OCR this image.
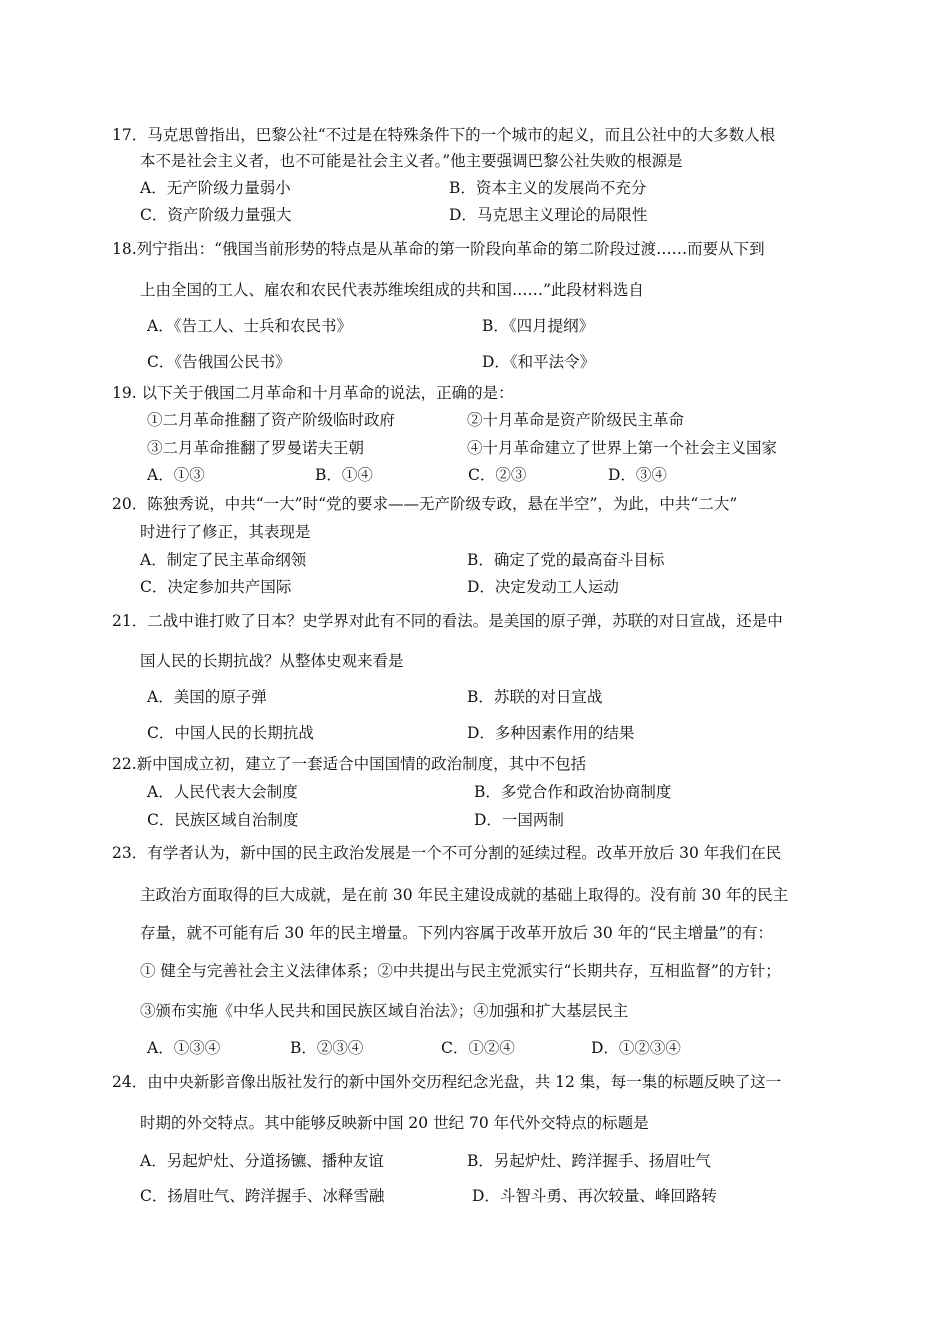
17．马克思曾指出，巴黎公社“不过是在特殊条件下的一个城市的起义，而且公社中的大多数人根
本不是社会主义者，也不可能是社会主义者。”他主要强调巴黎公社失败的根源是
A．无产阶级力量弱小	B．资本主义的发展尚不充分
C．资产阶级力量强大	D．马克思主义理论的局限性
18.列宁指出：“俄国当前形势的特点是从革命的第一阶段向革命的第二阶段过渡……而要从下到
上由全国的工人、雇农和农民代表苏维埃组成的共和国……”此段材料选自
A．《告工人、士兵和农民书》	B．《四月提纲》
C．《告俄国公民书》	D．《和平法令》
19. 以下关于俄国二月革命和十月革命的说法，正确的是：
①二月革命推翻了资产阶级临时政府	②十月革命是资产阶级民主革命
③二月革命推翻了罗曼诺夫王朝	④十月革命建立了世界上第一个社会主义国家
A．①③	B．①④	C．②③	D．③④
20．陈独秀说，中共“一大”时“党的要求——无产阶级专政，悬在半空”，为此，中共“二大”
时进行了修正，其表现是
A．制定了民主革命纲领	B．确定了党的最高奋斗目标
C．决定参加共产国际	D．决定发动工人运动
21．二战中谁打败了日本？史学界对此有不同的看法。是美国的原子弹，苏联的对日宣战，还是中
国人民的长期抗战？从整体史观来看是
A．美国的原子弹	B．苏联的对日宣战
C．中国人民的长期抗战	D．多种因素作用的结果
22.新中国成立初，建立了一套适合中国国情的政治制度，其中不包括
A．人民代表大会制度	B．多党合作和政治协商制度
C．民族区域自治制度	D．一国两制
23．有学者认为，新中国的民主政治发展是一个不可分割的延续过程。改革开放后 30 年我们在民
主政治方面取得的巨大成就，是在前 30 年民主建设成就的基础上取得的。没有前 30 年的民主
存量，就不可能有后 30 年的民主增量。下列内容属于改革开放后 30 年的“民主增量”的有：
① 健全与完善社会主义法律体系；②中共提出与民主党派实行“长期共存，互相监督”的方针；
③颁布实施《中华人民共和国民族区域自治法》；④加强和扩大基层民主
A．①③④	B．②③④	C．①②④	D．①②③④
24．由中央新影音像出版社发行的新中国外交历程纪念光盘，共 12 集，每一集的标题反映了这一
时期的外交特点。其中能够反映新中国 20 世纪 70 年代外交特点的标题是
A．另起炉灶、分道扬镳、播种友谊	B．另起炉灶、跨洋握手、扬眉吐气
C．扬眉吐气、跨洋握手、冰释雪融	D．斗智斗勇、再次较量、峰回路转
